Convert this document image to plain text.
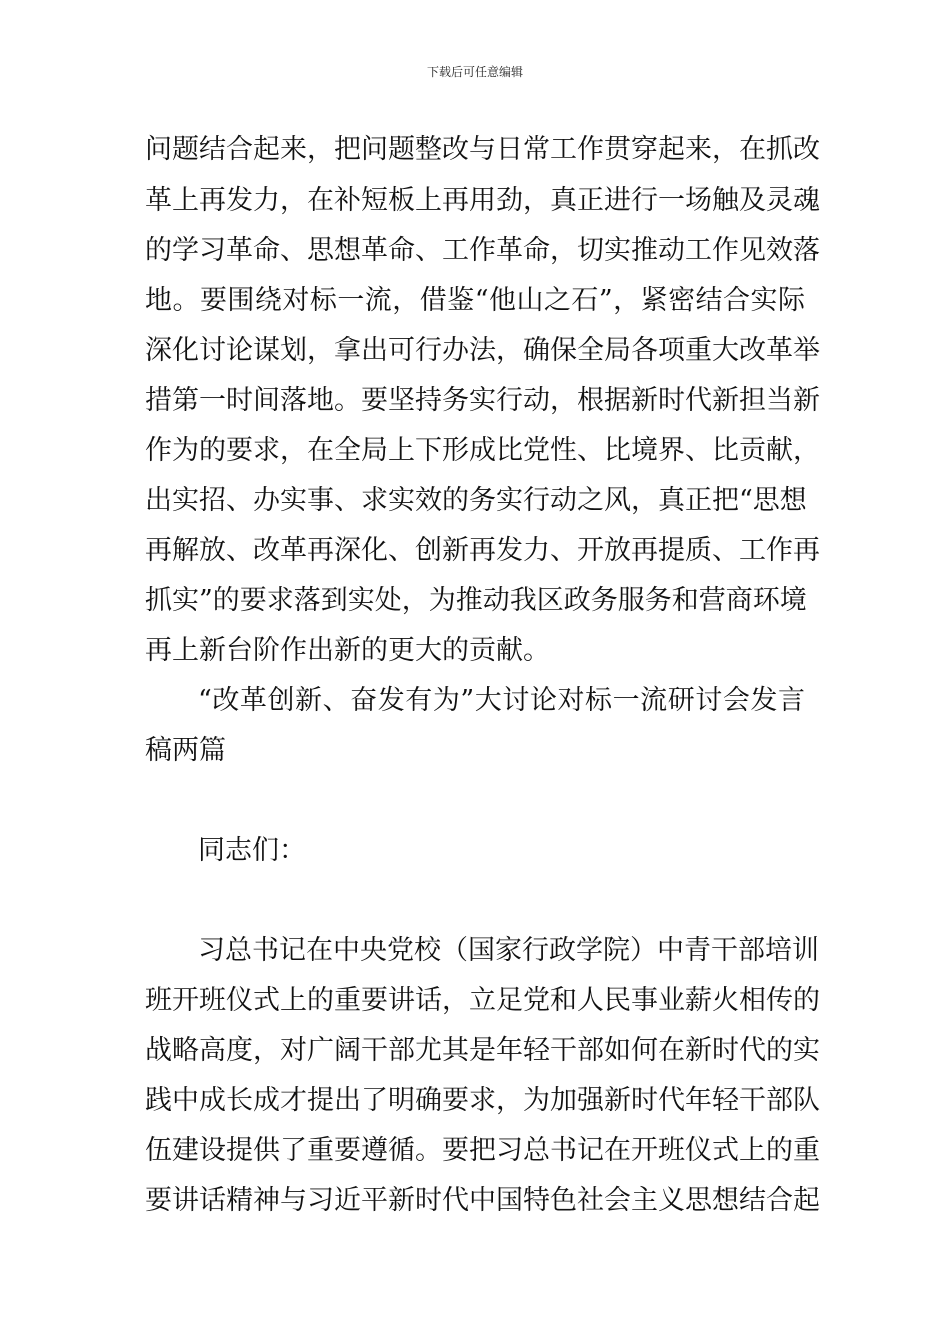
下载后可任意编辑
问题结合起来，把问题整改与日常工作贯穿起来，在抓改
革上再发力，在补短板上再用劲，真正进行一场触及灵魂
的学习革命、思想革命、工作革命，切实推动工作见效落
地。要围绕对标一流，借鉴“他山之石”，紧密结合实际
深化讨论谋划，拿出可行办法，确保全局各项重大改革举
措第一时间落地。要坚持务实行动，根据新时代新担当新
作为的要求，在全局上下形成比党性、比境界、比贡献，
出实招、办实事、求实效的务实行动之风，真正把“思想
再解放、改革再深化、创新再发力、开放再提质、工作再
抓实”的要求落到实处，为推动我区政务服务和营商环境
再上新台阶作出新的更大的贡献。
“改革创新、奋发有为”大讨论对标一流研讨会发言
稿两篇
同志们：
习总书记在中央党校（国家行政学院）中青干部培训
班开班仪式上的重要讲话，立足党和人民事业薪火相传的
战略高度，对广阔干部尤其是年轻干部如何在新时代的实
践中成长成才提出了明确要求，为加强新时代年轻干部队
伍建设提供了重要遵循。要把习总书记在开班仪式上的重
要讲话精神与习近平新时代中国特色社会主义思想结合起
